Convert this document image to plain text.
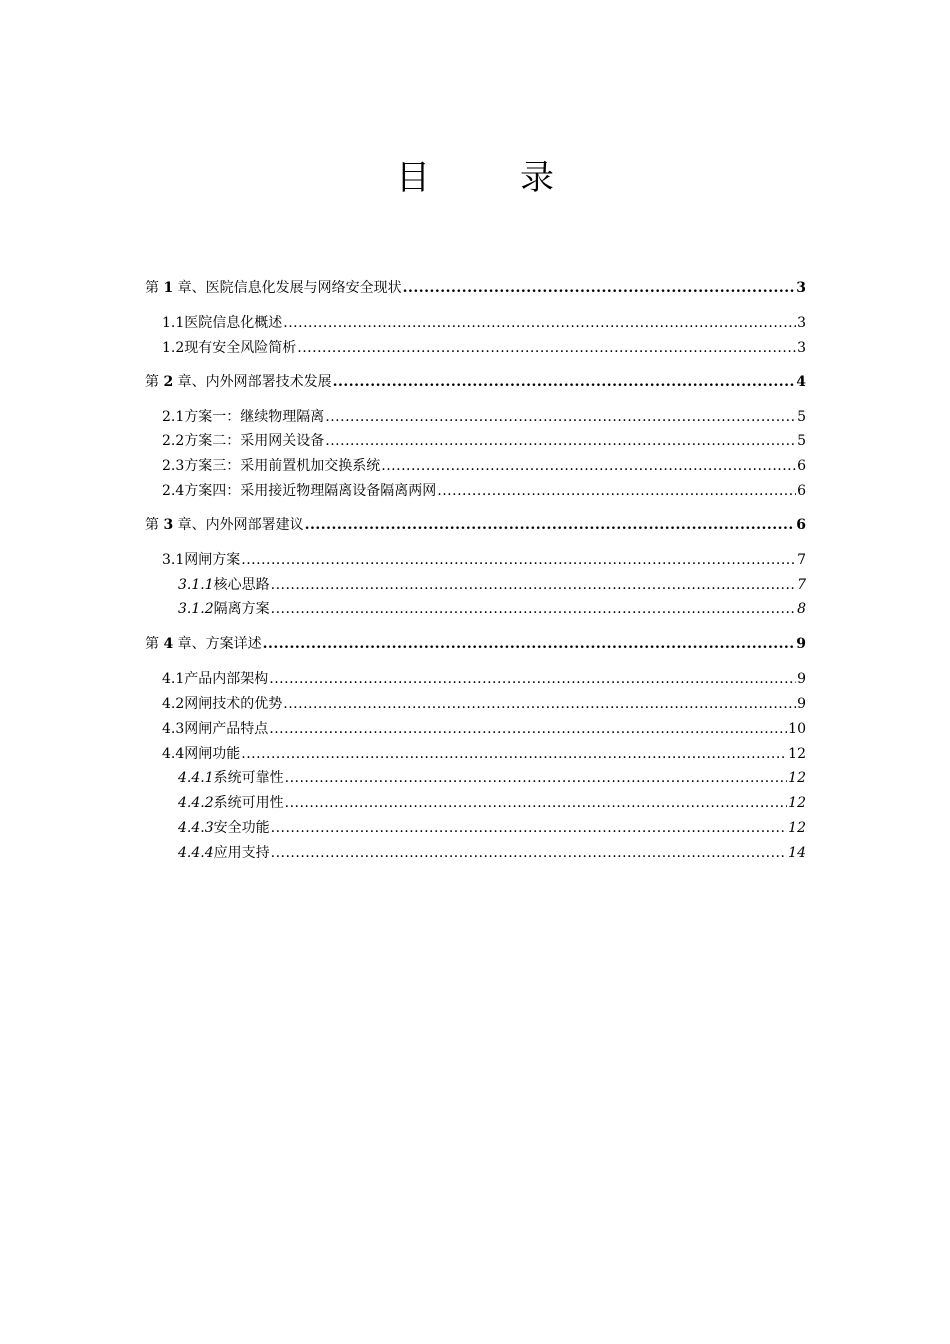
目　录
第 1 章、 医院信息化发展与网络安全现状 .....	3
1.1 医院信息化概述 .....	3
1.2 现有安全风险简析 .....	3
第 2 章、 内外网部署技术发展 .....	4
2.1 方案一：继续物理隔离 .....	5
2.2 方案二：采用网关设备 .....	5
2.3 方案三：采用前置机加交换系统 .....	6
2.4 方案四：采用接近物理隔离设备隔离两网 .....	6
第 3 章、 内外网部署建议 .....	6
3.1 网闸方案 .....	7
3.1.1 核心思路 .....	7
3.1.2 隔离方案 .....	8
第 4 章、 方案详述 .....	9
4.1 产品内部架构 .....	9
4.2 网闸技术的优势 .....	9
4.3 网闸产品特点 .....	10
4.4 网闸功能 .....	12
4.4.1 系统可靠性 .....	12
4.4.2 系统可用性 .....	12
4.4.3 安全功能 .....	12
4.4.4 应用支持 .....	14
